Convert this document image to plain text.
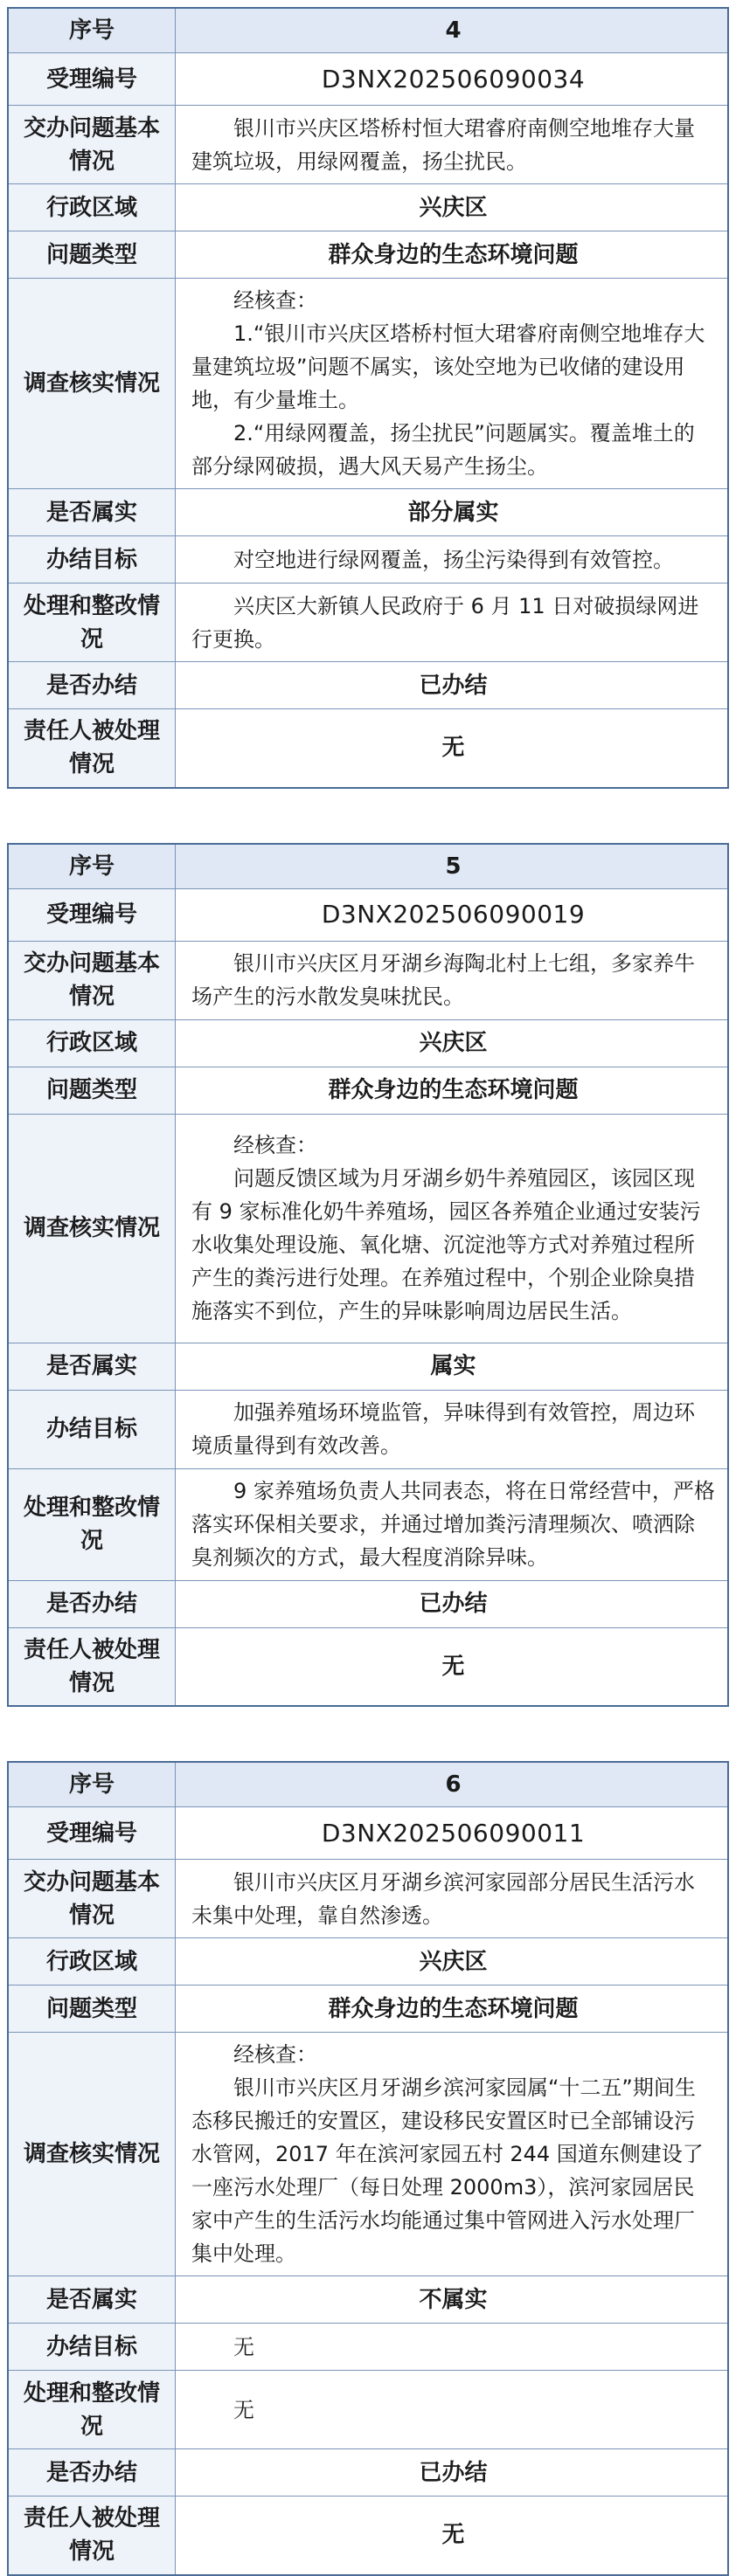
序号	4
受理编号	D3NX202506090034
交办问题基本情况	银川市兴庆区塔桥村恒大珺睿府南侧空地堆存大量建筑垃圾，用绿网覆盖，扬尘扰民。

行政区域	兴庆区
问题类型	群众身边的生态环境问题
调查核实情况	经核查：

1.“银川市兴庆区塔桥村恒大珺睿府南侧空地堆存大量建筑垃圾”问题不属实，该处空地为已收储的建设用地，有少量堆土。

2.“用绿网覆盖，扬尘扰民”问题属实。覆盖堆土的部分绿网破损，遇大风天易产生扬尘。

是否属实	部分属实
办结目标	对空地进行绿网覆盖，扬尘污染得到有效管控。

处理和整改情况	兴庆区大新镇人民政府于 6 月 11 日对破损绿网进行更换。

是否办结	已办结
责任人被处理情况	无
序号	5
受理编号	D3NX202506090019
交办问题基本情况	银川市兴庆区月牙湖乡海陶北村上七组，多家养牛场产生的污水散发臭味扰民。

行政区域	兴庆区
问题类型	群众身边的生态环境问题
调查核实情况	经核查：

问题反馈区域为月牙湖乡奶牛养殖园区，该园区现有 9 家标准化奶牛养殖场，园区各养殖企业通过安装污水收集处理设施、氧化塘、沉淀池等方式对养殖过程所产生的粪污进行处理。在养殖过程中，个别企业除臭措施落实不到位，产生的异味影响周边居民生活。

是否属实	属实
办结目标	加强养殖场环境监管，异味得到有效管控，周边环境质量得到有效改善。

处理和整改情况	9 家养殖场负责人共同表态，将在日常经营中，严格落实环保相关要求，并通过增加粪污清理频次、喷洒除臭剂频次的方式，最大程度消除异味。

是否办结	已办结
责任人被处理情况	无
序号	6
受理编号	D3NX202506090011
交办问题基本情况	银川市兴庆区月牙湖乡滨河家园部分居民生活污水未集中处理，靠自然渗透。

行政区域	兴庆区
问题类型	群众身边的生态环境问题
调查核实情况	经核查：

银川市兴庆区月牙湖乡滨河家园属“十二五”期间生态移民搬迁的安置区，建设移民安置区时已全部铺设污水管网，2017 年在滨河家园五村 244 国道东侧建设了一座污水处理厂（每日处理 2000m3），滨河家园居民家中产生的生活污水均能通过集中管网进入污水处理厂集中处理。

是否属实	不属实
办结目标	无

处理和整改情况	无

是否办结	已办结
责任人被处理情况	无
